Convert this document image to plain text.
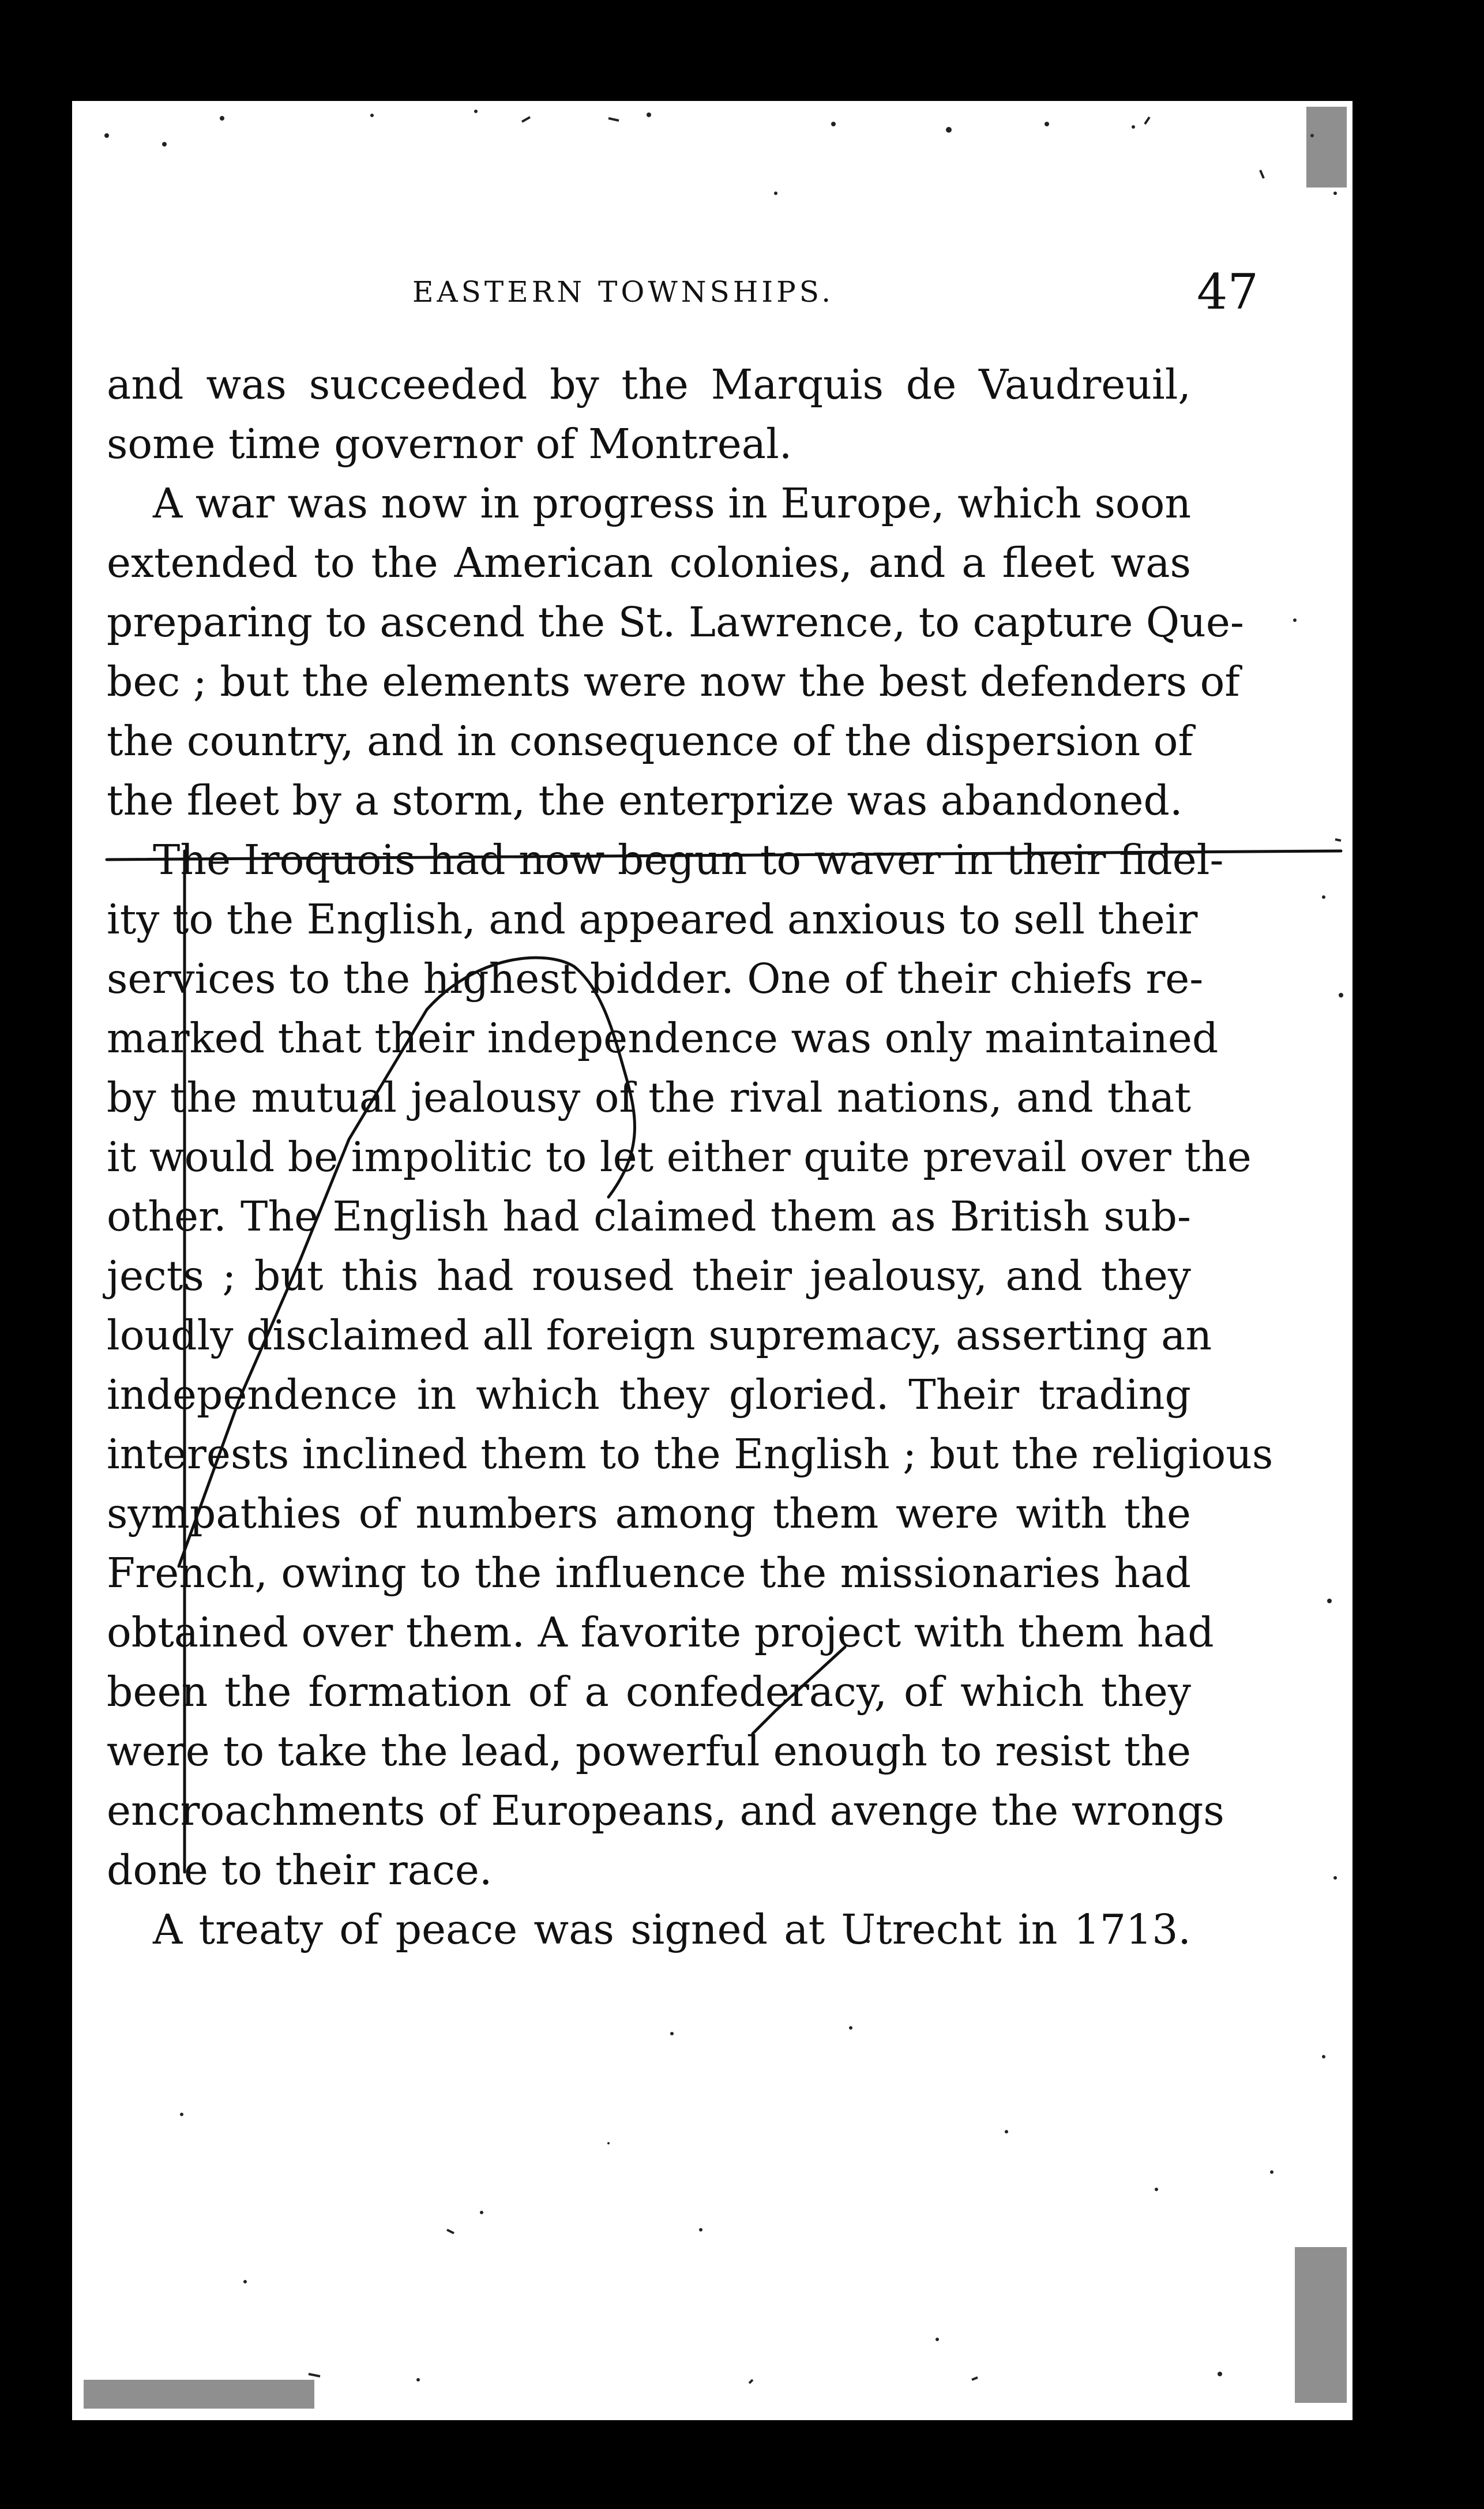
EASTERN TOWNSHIPS.	47
and was succeeded by the Marquis de Vaudreuil,
some time governor of Montreal.
A war was now in progress in Europe, which soon
extended to the American colonies, and a fleet was
preparing to ascend the St. Lawrence, to capture Que-
bec ; but the elements were now the best defenders of
the country, and in consequence of the dispersion of
the fleet by a storm, the enterprize was abandoned.
The Iroquois had now begun to waver in their fidel-
ity to the English, and appeared anxious to sell their
services to the highest bidder. One of their chiefs re-
marked that their independence was only maintained
by the mutual jealousy of the rival nations, and that
it would be impolitic to let either quite prevail over the
other. The English had claimed them as British sub-
jects ; but this had roused their jealousy, and they
loudly disclaimed all foreign supremacy, asserting an
independence in which they gloried. Their trading
interests inclined them to the English ; but the religious
sympathies of numbers among them were with the
French, owing to the influence the missionaries had
obtained over them. A favorite project with them had
been the formation of a confederacy, of which they
were to take the lead, powerful enough to resist the
encroachments of Europeans, and avenge the wrongs
done to their race.
A treaty of peace was signed at Utrecht in 1713.
